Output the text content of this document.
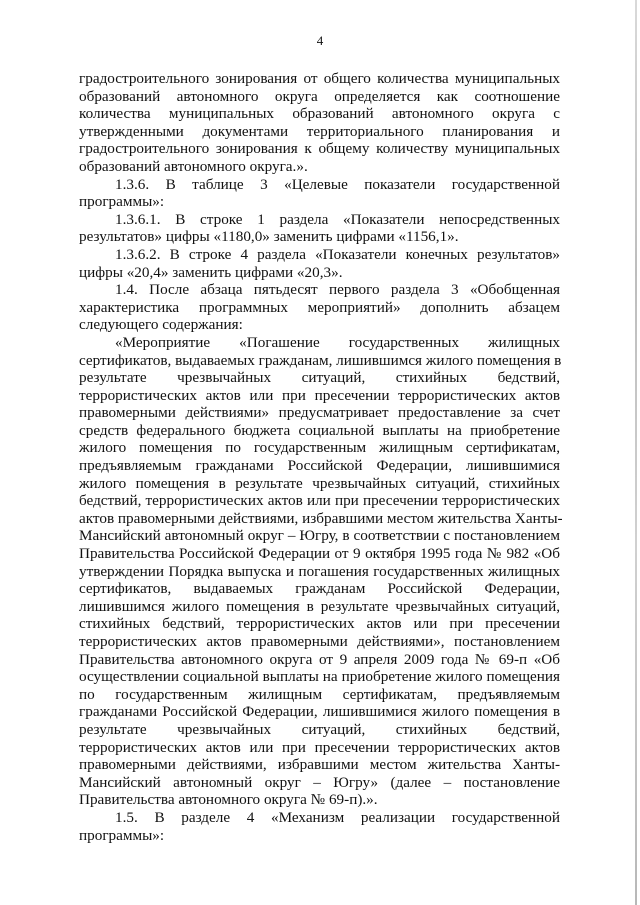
4
градостроительного зонирования от общего количества муниципальных
образований автономного округа определяется как соотношение
количества муниципальных образований автономного округа с
утвержденными документами территориального планирования и
градостроительного зонирования к общему количеству муниципальных
образований автономного округа.».
1.3.6. В таблице 3 «Целевые показатели государственной
программы»:
1.3.6.1. В строке 1 раздела «Показатели непосредственных
результатов» цифры «1180,0» заменить цифрами «1156,1».
1.3.6.2. В строке 4 раздела «Показатели конечных результатов»
цифры «20,4» заменить цифрами «20,3».
1.4. После абзаца пятьдесят первого раздела 3 «Обобщенная
характеристика программных мероприятий» дополнить абзацем
следующего содержания:
«Мероприятие «Погашение государственных жилищных
сертификатов, выдаваемых гражданам, лишившимся жилого помещения в
результате чрезвычайных ситуаций, стихийных бедствий,
террористических актов или при пресечении террористических актов
правомерными действиями» предусматривает предоставление за счет
средств федерального бюджета социальной выплаты на приобретение
жилого помещения по государственным жилищным сертификатам,
предъявляемым гражданами Российской Федерации, лишившимися
жилого помещения в результате чрезвычайных ситуаций, стихийных
бедствий, террористических актов или при пресечении террористических
актов правомерными действиями, избравшими местом жительства Ханты-
Мансийский автономный округ – Югру, в соответствии с постановлением
Правительства Российской Федерации от 9 октября 1995 года № 982 «Об
утверждении Порядка выпуска и погашения государственных жилищных
сертификатов, выдаваемых гражданам Российской Федерации,
лишившимся жилого помещения в результате чрезвычайных ситуаций,
стихийных бедствий, террористических актов или при пресечении
террористических актов правомерными действиями», постановлением
Правительства автономного округа от 9 апреля 2009 года № 69-п «Об
осуществлении социальной выплаты на приобретение жилого помещения
по государственным жилищным сертификатам, предъявляемым
гражданами Российской Федерации, лишившимися жилого помещения в
результате чрезвычайных ситуаций, стихийных бедствий,
террористических актов или при пресечении террористических актов
правомерными действиями, избравшими местом жительства Ханты-
Мансийский автономный округ – Югру» (далее – постановление
Правительства автономного округа № 69-п).».
1.5. В разделе 4 «Механизм реализации государственной
программы»:
